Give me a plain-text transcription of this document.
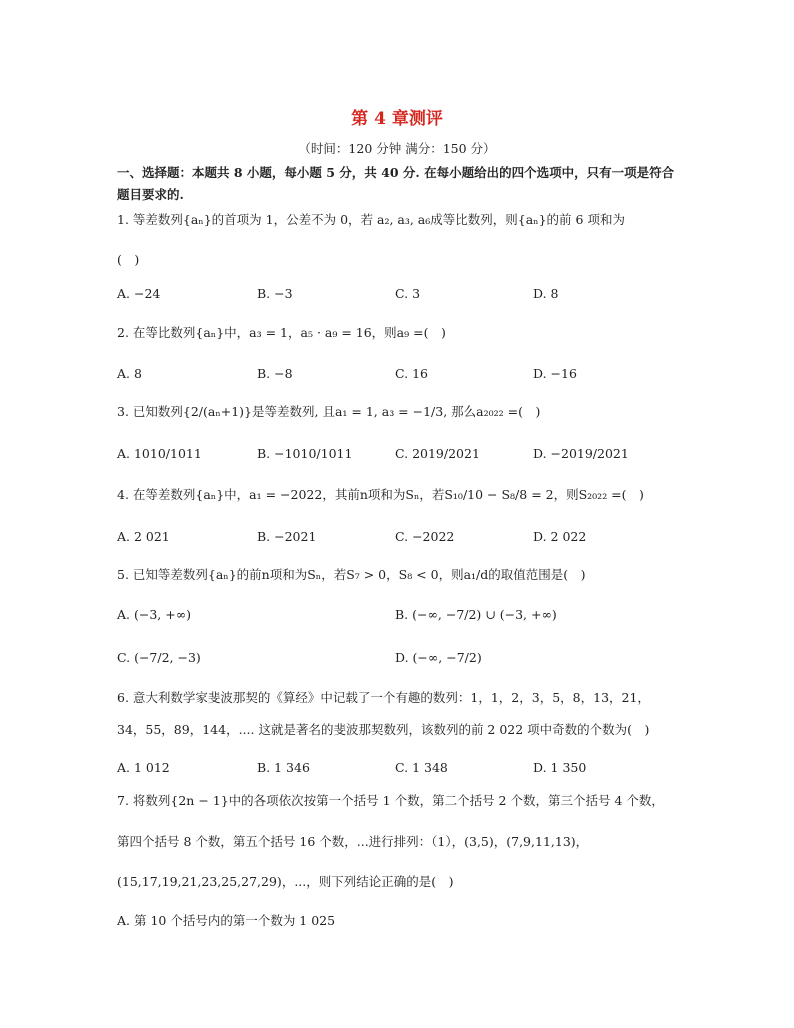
第 4 章测评
（时间：120 分钟 满分：150 分）
一、选择题：本题共 8 小题，每小题 5 分，共 40 分. 在每小题给出的四个选项中，只有一项是符合题目要求的.
1. 等差数列{aₙ}的首项为 1，公差不为 0，若 a₂, a₃, a₆成等比数列，则{aₙ}的前 6 项和为
(　)
A. −24	B. −3	C. 3	D. 8
2. 在等比数列{aₙ}中，a₃ = 1，a₅ · a₉ = 16，则a₉ =(　)
A. 8	B. −8	C. 16	D. −16
3. 已知数列{2/(aₙ+1)}是等差数列, 且a₁ = 1, a₃ = −1/3, 那么a₂₀₂₂ =(　)
A. 1010/1011	B. −1010/1011	C. 2019/2021	D. −2019/2021
4. 在等差数列{aₙ}中，a₁ = −2022，其前n项和为Sₙ，若S₁₀/10 − S₈/8 = 2，则S₂₀₂₂ =(　)
A. 2 021	B. −2021	C. −2022	D. 2 022
5. 已知等差数列{aₙ}的前n项和为Sₙ，若S₇ > 0，S₈ < 0，则a₁/d的取值范围是(　)
A. (−3, +∞)	B. (−∞, −7/2) ∪ (−3, +∞)
C. (−7/2, −3)	D. (−∞, −7/2)
6. 意大利数学家斐波那契的《算经》中记载了一个有趣的数列：1，1，2，3，5，8，13，21，
34，55，89，144，.... 这就是著名的斐波那契数列，该数列的前 2 022 项中奇数的个数为(　)
A. 1 012	B. 1 346	C. 1 348	D. 1 350
7. 将数列{2n − 1}中的各项依次按第一个括号 1 个数，第二个括号 2 个数，第三个括号 4 个数，
第四个括号 8 个数，第五个括号 16 个数，...进行排列：（1），(3,5)，(7,9,11,13)，
(15,17,19,21,23,25,27,29)，...，则下列结论正确的是(　)
A. 第 10 个括号内的第一个数为 1 025
